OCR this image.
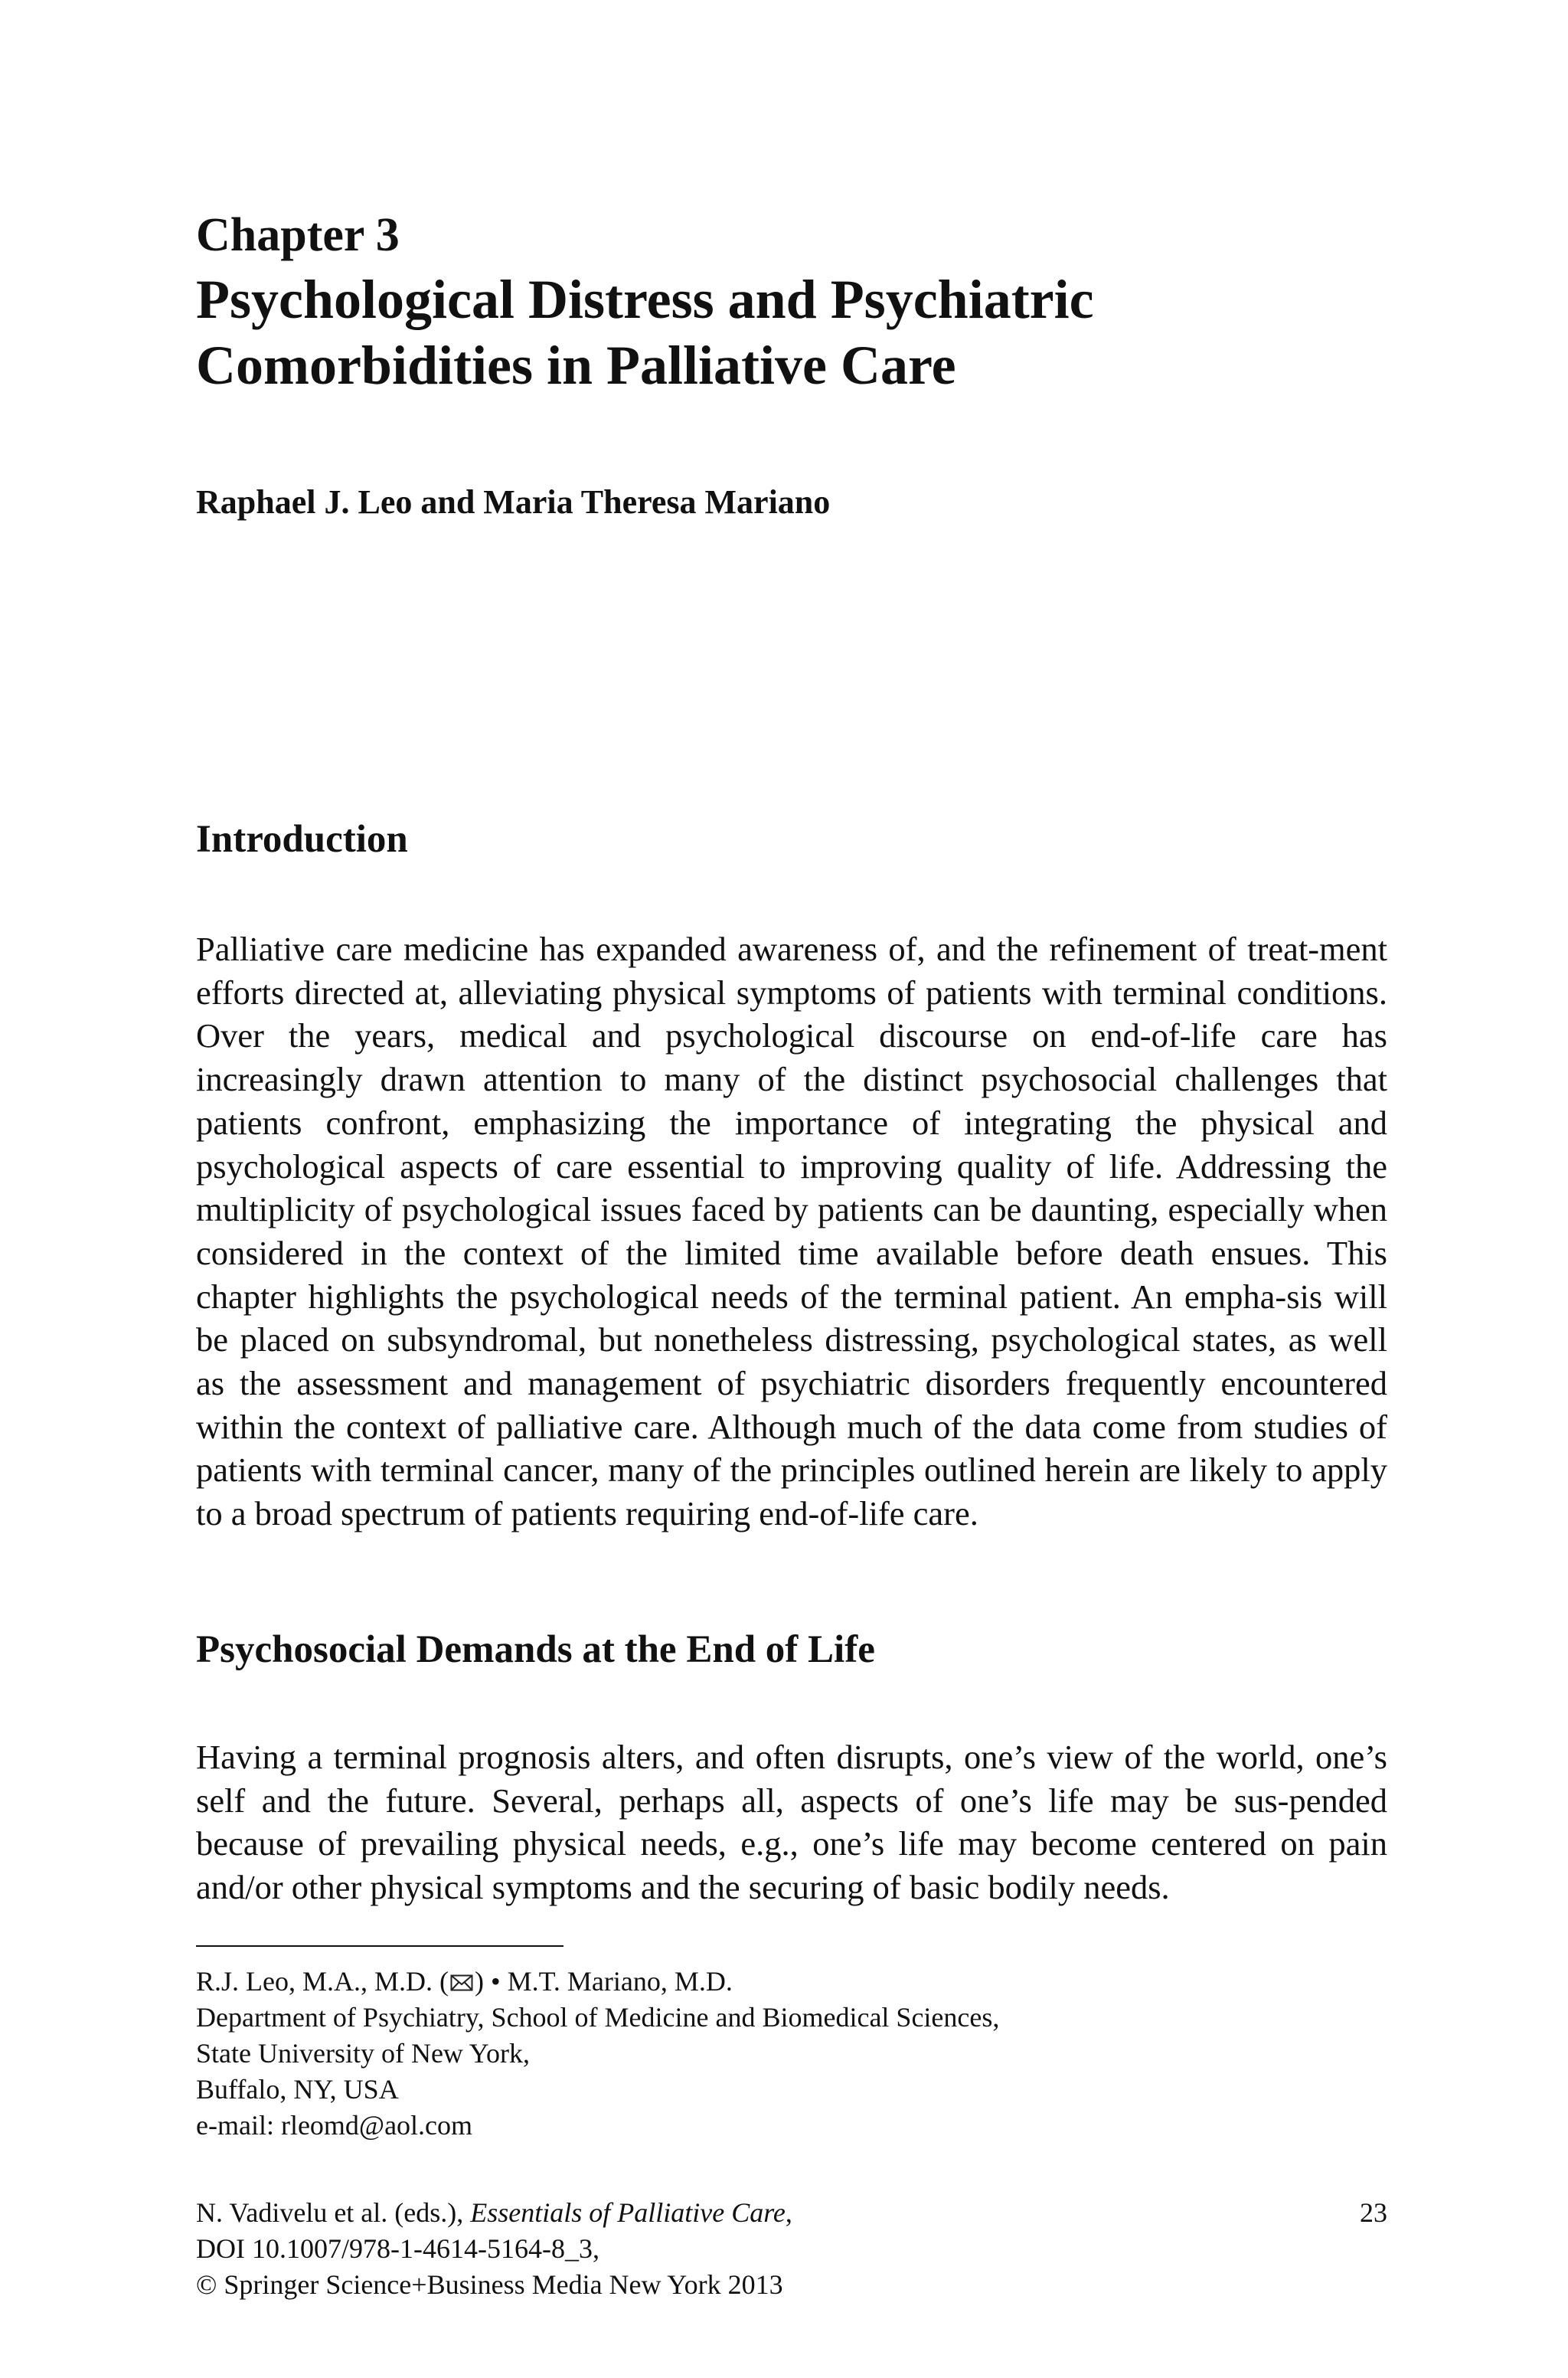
Chapter 3
Psychological Distress and Psychiatric
Comorbidities in Palliative Care
Raphael J. Leo and Maria Theresa Mariano
Introduction

Palliative care medicine has expanded awareness of, and the refinement of treat-ment efforts directed at, alleviating physical symptoms of patients with terminal conditions. Over the years, medical and psychological discourse on end-of-life care has increasingly drawn attention to many of the distinct psychosocial challenges that patients confront, emphasizing the importance of integrating the physical and psychological aspects of care essential to improving quality of life. Addressing the multiplicity of psychological issues faced by patients can be daunting, especially when considered in the context of the limited time available before death ensues. This chapter highlights the psychological needs of the terminal patient. An empha-sis will be placed on subsyndromal, but nonetheless distressing, psychological states, as well as the assessment and management of psychiatric disorders frequently encountered within the context of palliative care. Although much of the data come from studies of patients with terminal cancer, many of the principles outlined herein are likely to apply to a broad spectrum of patients requiring end-of-life care.

Psychosocial Demands at the End of Life

Having a terminal prognosis alters, and often disrupts, one’s view of the world, one’s self and the future. Several, perhaps all, aspects of one’s life may be sus-pended because of prevailing physical needs, e.g., one’s life may become centered on pain and/or other physical symptoms and the securing of basic bodily needs.

R.J. Leo, M.A., M.D. ( ) • M.T. Mariano, M.D.
Department of Psychiatry, School of Medicine and Biomedical Sciences,
State University of New York,
Buffalo, NY, USA
e-mail: rleomd@aol.com
N. Vadivelu et al. (eds.), Essentials of Palliative Care,
DOI 10.1007/978-1-4614-5164-8_3,
© Springer Science+Business Media New York 2013
23
